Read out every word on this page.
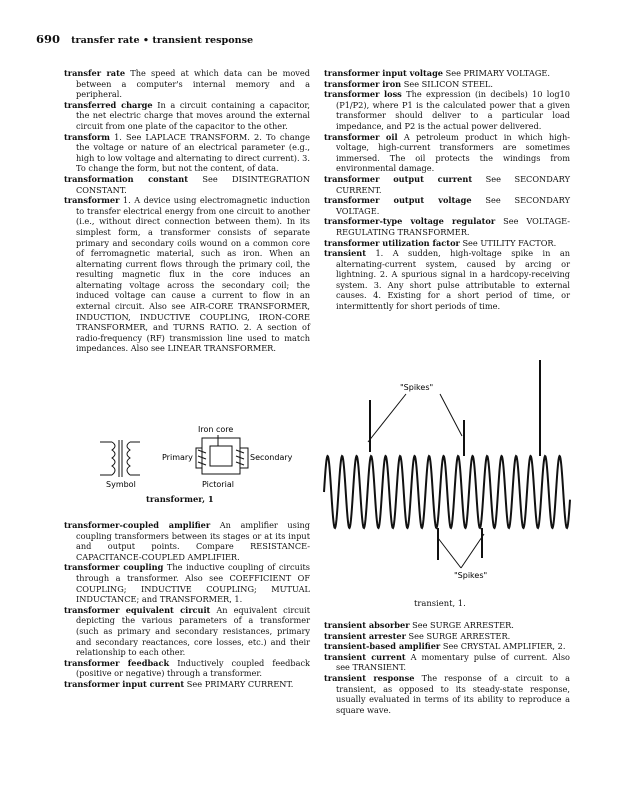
690 transfer rate • transient response

transfer rate The speed at which data can be moved between a computer's internal memory and a peripheral.

transferred charge In a circuit containing a capacitor, the net electric charge that moves around the external circuit from one plate of the capacitor to the other.

transform 1. See LAPLACE TRANSFORM. 2. To change the voltage or nature of an electrical parameter (e.g., high to low voltage and alternating to direct current). 3. To change the form, but not the content, of data.

transformation constant See DISINTEGRATION CONSTANT.

transformer 1. A device using electromagnetic induction to transfer electrical energy from one circuit to another (i.e., without direct connection between them). In its simplest form, a transformer consists of separate primary and secondary coils wound on a common core of ferromagnetic material, such as iron. When an alternating current flows through the primary coil, the resulting magnetic flux in the core induces an alternating voltage across the secondary coil; the induced voltage can cause a current to flow in an external circuit. Also see AIR-CORE TRANSFORMER, INDUCTION, INDUCTIVE COUPLING, IRON-CORE TRANSFORMER, and TURNS RATIO. 2. A section of radio-frequency (RF) transmission line used to match impedances. Also see LINEAR TRANSFORMER.

transformer input voltage See PRIMARY VOLTAGE.

transformer iron See SILICON STEEL.

transformer loss The expression (in decibels) 10 log10 (P1/P2), where P1 is the calculated power that a given transformer should deliver to a particular load impedance, and P2 is the actual power delivered.

transformer oil A petroleum product in which high-voltage, high-current transformers are sometimes immersed. The oil protects the windings from environmental damage.

transformer output current See SECONDARY CURRENT.

transformer output voltage See SECONDARY VOLTAGE.

transformer-type voltage regulator See VOLTAGE-REGULATING TRANSFORMER.

transformer utilization factor See UTILITY FACTOR.

transient 1. A sudden, high-voltage spike in an alternating-current system, caused by arcing or lightning. 2. A spurious signal in a hardcopy-receiving system. 3. Any short pulse attributable to external causes. 4. Existing for a short period of time, or intermittently for short periods of time.

transformer-coupled amplifier An amplifier using coupling transformers between its stages or at its input and output points. Compare RESISTANCE-CAPACITANCE-COUPLED AMPLIFIER.

transformer coupling The inductive coupling of circuits through a transformer. Also see COEFFICIENT OF COUPLING; INDUCTIVE COUPLING; MUTUAL INDUCTANCE; and TRANSFORMER, 1.

transformer equivalent circuit An equivalent circuit depicting the various parameters of a transformer (such as primary and secondary resistances, primary and secondary reactances, core losses, etc.) and their relationship to each other.

transformer feedback Inductively coupled feedback (positive or negative) through a transformer.

transformer input current See PRIMARY CURRENT.

transient absorber See SURGE ARRESTER.

transient arrester See SURGE ARRESTER.

transient-based amplifier See CRYSTAL AMPLIFIER, 2.

transient current A momentary pulse of current. Also see TRANSIENT.

transient response The response of a circuit to a transient, as opposed to its steady-state response, usually evaluated in terms of its ability to reproduce a square wave.

Iron core
Primary	Secondary
Symbol	Pictorial
transformer, 1
"Spikes"
"Spikes"
transient, 1.
